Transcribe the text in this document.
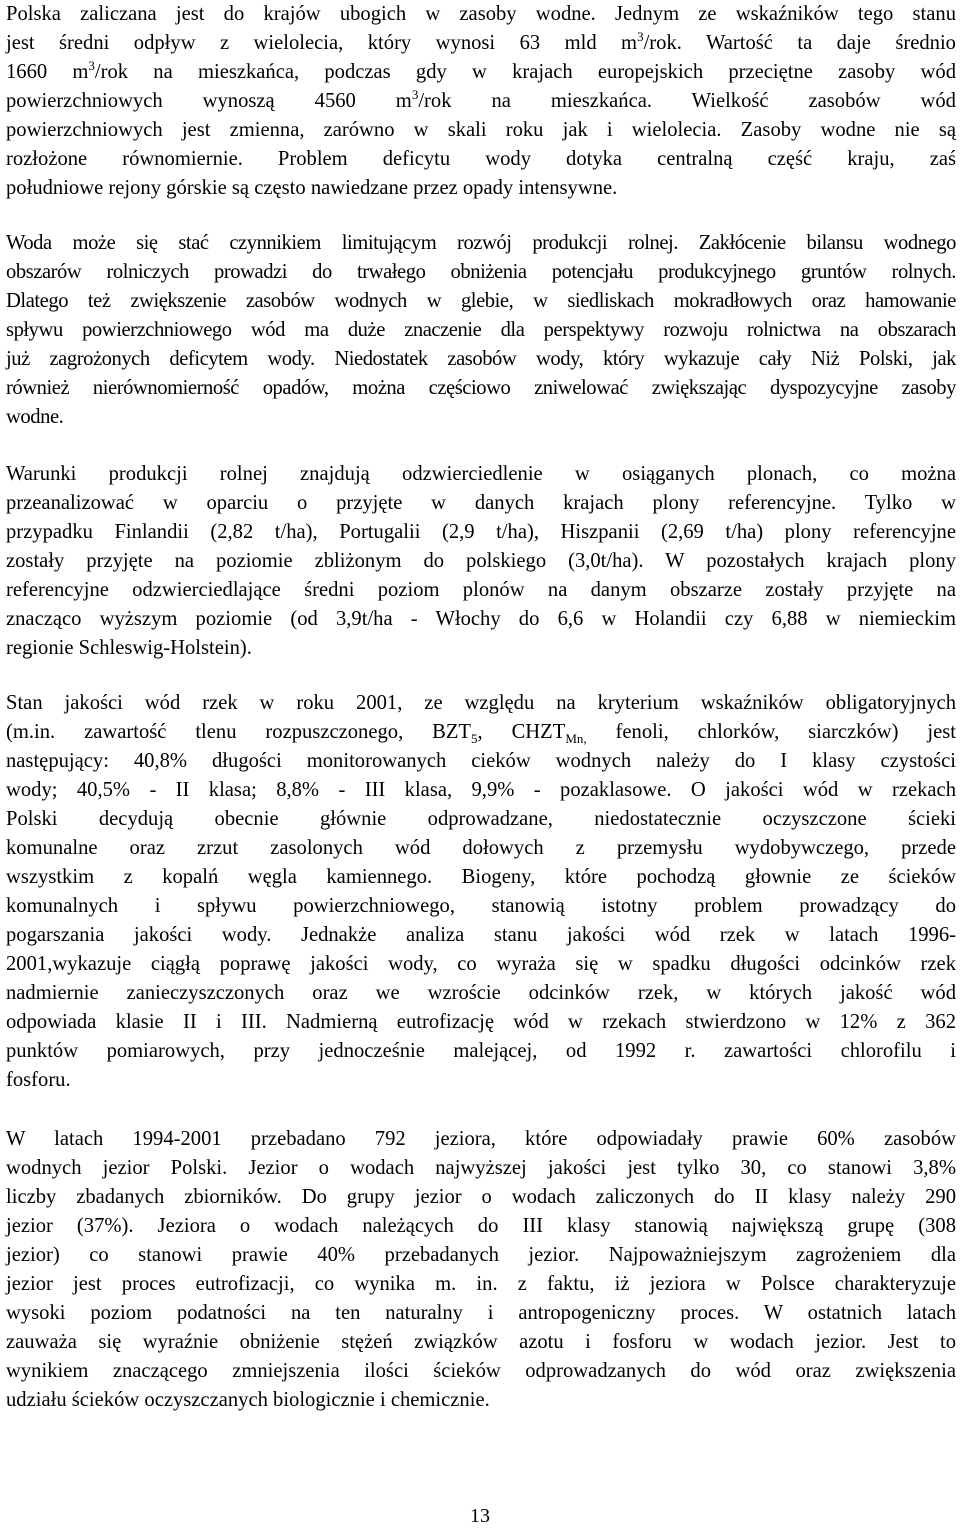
Polska zaliczana jest do krajów ubogich w zasoby wodne. Jednym ze wskaźników tego stanu
jest średni odpływ z wielolecia, który wynosi 63 mld $m^3$/rok. Wartość ta daje średnio
1660 $m^3$/rok na mieszkańca, podczas gdy w krajach europejskich przeciętne zasoby wód
powierzchniowych wynoszą 4560 $m^3$/rok na mieszkańca. Wielkość zasobów wód
powierzchniowych jest zmienna, zarówno w skali roku jak i wielolecia. Zasoby wodne nie są
rozłożone równomiernie. Problem deficytu wody dotyka centralną część kraju, zaś
południowe rejony górskie są często nawiedzane przez opady intensywne.
Woda może się stać czynnikiem limitującym rozwój produkcji rolnej. Zakłócenie bilansu wodnego
obszarów rolniczych prowadzi do trwałego obniżenia potencjału produkcyjnego gruntów rolnych.
Dlatego też zwiększenie zasobów wodnych w glebie, w siedliskach mokradłowych oraz hamowanie
spływu powierzchniowego wód ma duże znaczenie dla perspektywy rozwoju rolnictwa na obszarach
już zagrożonych deficytem wody. Niedostatek zasobów wody, który wykazuje cały Niż Polski, jak
również nierównomierność opadów, można częściowo zniwelować zwiększając dyspozycyjne zasoby
wodne.
Warunki produkcji rolnej znajdują odzwierciedlenie w osiąganych plonach, co można
przeanalizować w oparciu o przyjęte w danych krajach plony referencyjne. Tylko w
przypadku Finlandii (2,82 t/ha), Portugalii (2,9 t/ha), Hiszpanii (2,69 t/ha) plony referencyjne
zostały przyjęte na poziomie zbliżonym do polskiego (3,0t/ha). W pozostałych krajach plony
referencyjne odzwierciedlające średni poziom plonów na danym obszarze zostały przyjęte na
znacząco wyższym poziomie (od 3,9t/ha - Włochy do 6,6 w Holandii czy 6,88 w niemieckim
regionie Schleswig-Holstein).
Stan jakości wód rzek w roku 2001, ze względu na kryterium wskaźników obligatoryjnych
(m.in. zawartość tlenu rozpuszczonego, $BZT_5$, $CHZT_{Mn,}$ fenoli, chlorków, siarczków) jest
następujący: 40,8% długości monitorowanych cieków wodnych należy do I klasy czystości
wody; 40,5% - II klasa; 8,8% - III klasa, 9,9% - pozaklasowe. O jakości wód w rzekach
Polski decydują obecnie głównie odprowadzane, niedostatecznie oczyszczone ścieki
komunalne oraz zrzut zasolonych wód dołowych z przemysłu wydobywczego, przede
wszystkim z kopalń węgla kamiennego. Biogeny, które pochodzą głownie ze ścieków
komunalnych i spływu powierzchniowego, stanowią istotny problem prowadzący do
pogarszania jakości wody. Jednakże analiza stanu jakości wód rzek w latach 1996-
2001,wykazuje ciągłą poprawę jakości wody, co wyraża się w spadku długości odcinków rzek
nadmiernie zanieczyszczonych oraz we wzroście odcinków rzek, w których jakość wód
odpowiada klasie II i III. Nadmierną eutrofizację wód w rzekach stwierdzono w 12% z 362
punktów pomiarowych, przy jednocześnie malejącej, od 1992 r. zawartości chlorofilu i
fosforu.
W latach 1994-2001 przebadano 792 jeziora, które odpowiadały prawie 60% zasobów
wodnych jezior Polski. Jezior o wodach najwyższej jakości jest tylko 30, co stanowi 3,8%
liczby zbadanych zbiorników. Do grupy jezior o wodach zaliczonych do II klasy należy 290
jezior (37%). Jeziora o wodach należących do III klasy stanowią największą grupę (308
jezior) co stanowi prawie 40% przebadanych jezior. Najpoważniejszym zagrożeniem dla
jezior jest proces eutrofizacji, co wynika m. in. z faktu, iż jeziora w Polsce charakteryzuje
wysoki poziom podatności na ten naturalny i antropogeniczny proces. W ostatnich latach
zauważa się wyraźnie obniżenie stężeń związków azotu i fosforu w wodach jezior. Jest to
wynikiem znaczącego zmniejszenia ilości ścieków odprowadzanych do wód oraz zwiększenia
udziału ścieków oczyszczanych biologicznie i chemicznie.
13
